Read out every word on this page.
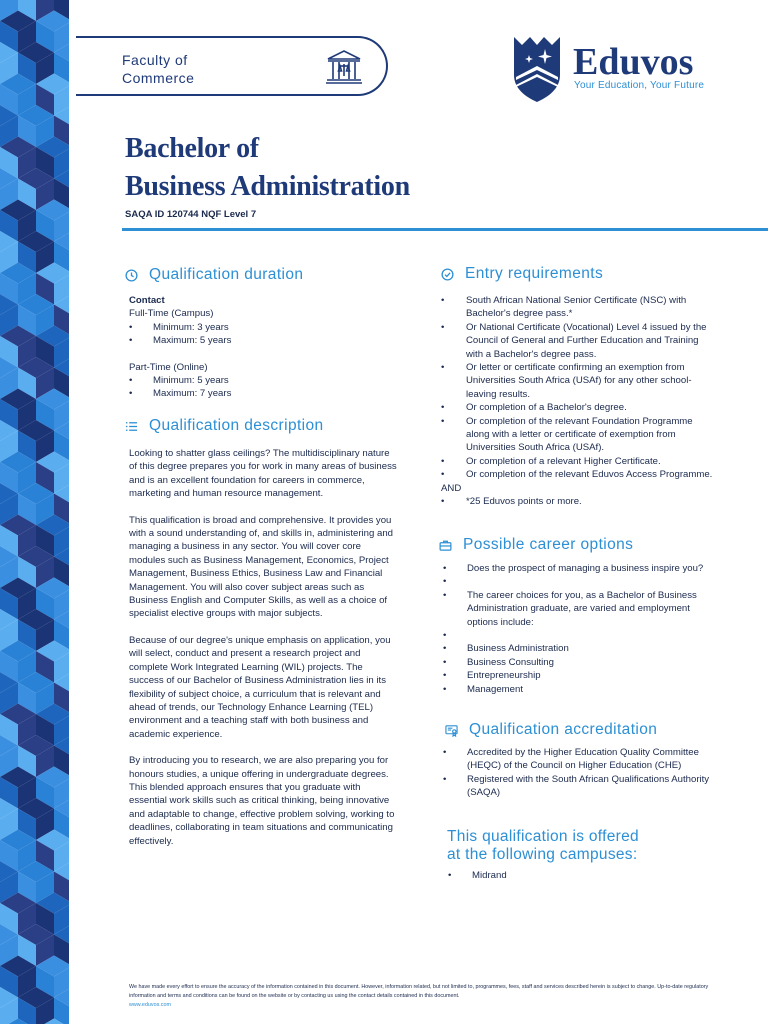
Faculty of Commerce	Eduvos
Your Education, Your Future
Bachelor of
Business Administration
SAQA ID 120744 NQF Level 7
Qualification duration

Contact

Full-Time (Campus)

• Minimum: 3 years
• Maximum: 5 years

Part-Time (Online)

• Minimum: 5 years
• Maximum: 7 years
Qualification description

Looking to shatter glass ceilings? The multidisciplinary nature of this degree prepares you for work in many areas of business and is an excellent foundation for careers in commerce, marketing and human resource management.

This qualification is broad and comprehensive. It provides you with a sound understanding of, and skills in, administering and managing a business in any sector. You will cover core modules such as Business Management, Economics, Project Management, Business Ethics, Business Law and Financial Management. You will also cover subject areas such as Business English and Computer Skills, as well as a choice of specialist elective groups with major subjects.

Because of our degree's unique emphasis on application, you will select, conduct and present a research project and complete Work Integrated Learning (WIL) projects. The success of our Bachelor of Business Administration lies in its flexibility of subject choice, a curriculum that is relevant and ahead of trends, our Technology Enhance Learning (TEL) environment and a teaching staff with both business and academic experience.

By introducing you to research, we are also preparing you for honours studies, a unique offering in undergraduate degrees. This blended approach ensures that you graduate with essential work skills such as critical thinking, being innovative and adaptable to change, effective problem solving, working to deadlines, collaborating in team situations and communicating effectively.

Entry requirements
• South African National Senior Certificate (NSC) with Bachelor's degree pass.*
• Or National Certificate (Vocational) Level 4 issued by the Council of General and Further Education and Training with a Bachelor's degree pass.
• Or letter or certificate confirming an exemption from Universities South Africa (USAf) for any other school-leaving results.
• Or completion of a Bachelor's degree.
• Or completion of the relevant Foundation Programme along with a letter or certificate of exemption from Universities South Africa (USAf).
• Or completion of a relevant Higher Certificate.
• Or completion of the relevant Eduvos Access Programme.

AND

• *25 Eduvos points or more.
Possible career options
• Does the prospect of managing a business inspire you?
•
• The career choices for you, as a Bachelor of Business Administration graduate, are varied and employment options include:
•
• Business Administration
• Business Consulting
• Entrepreneurship
• Management
Qualification accreditation
• Accredited by the Higher Education Quality Committee (HEQC) of the Council on Higher Education (CHE)
• Registered with the South African Qualifications Authority (SAQA)
This qualification is offered
at the following campuses:
• Midrand
We have made every effort to ensure the accuracy of the information contained in this document. However, information related, but not limited to, programmes, fees, staff and services described herein is subject to change. Up-to-date regulatory information and terms and conditions can be found on the website or by contacting us using the contact details contained in this document.
www.eduvos.com
